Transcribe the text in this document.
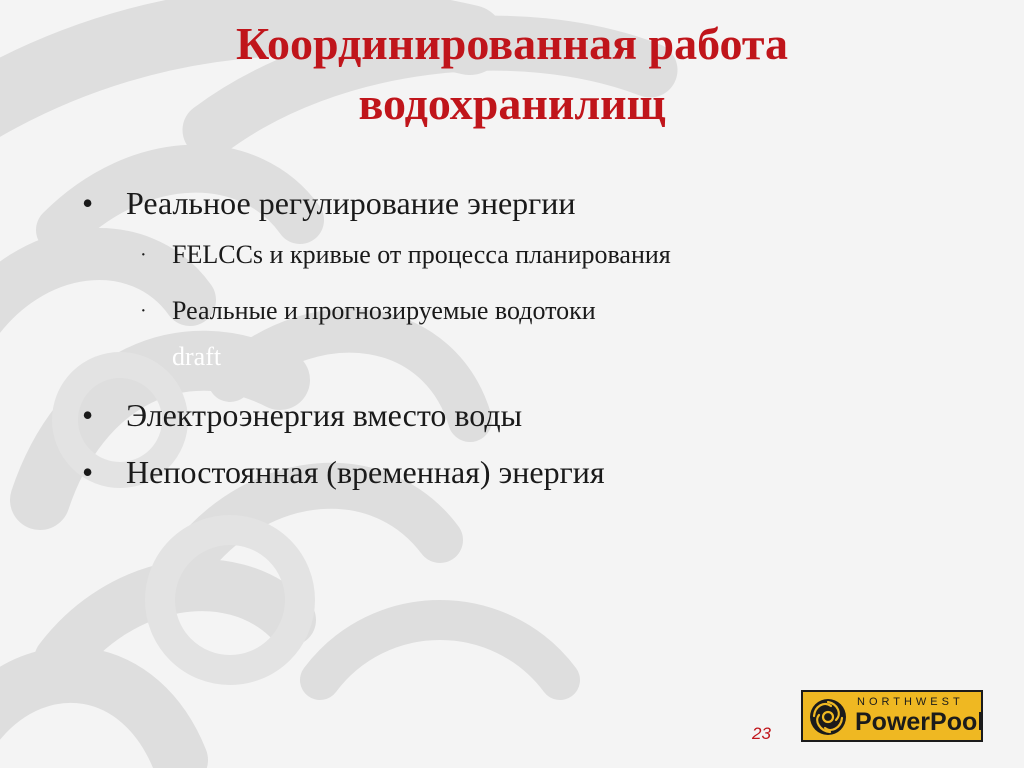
Координированная работа
водохранилищ
• Реальное регулирование энергии
· FELCCs и кривые от процесса планирования
· Реальные и прогнозируемые водотоки
draft
• Электроэнергия вместо воды
• Непостоянная (временная) энергия
23
NORTHWEST
PowerPool
